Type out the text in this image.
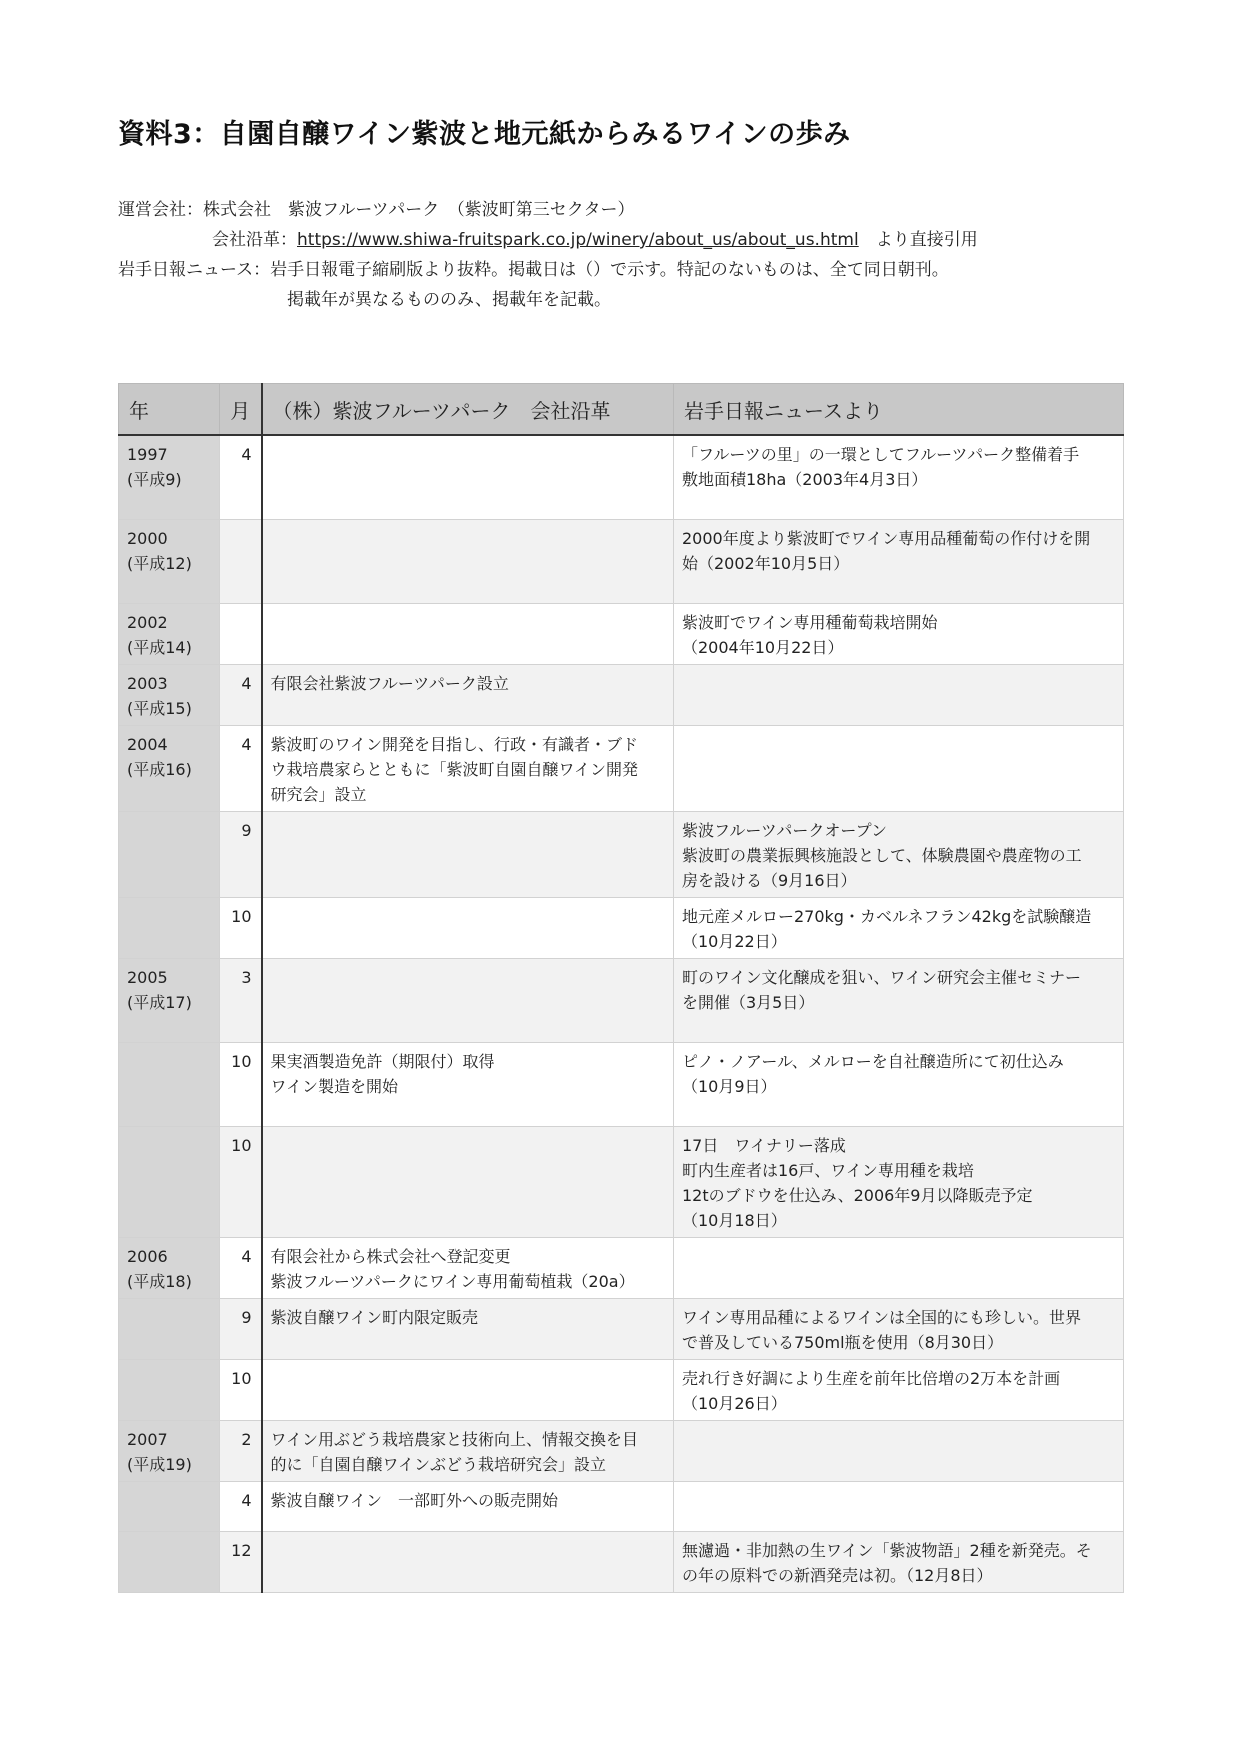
資料3：自園自醸ワイン紫波と地元紙からみるワインの歩み
運営会社：株式会社　紫波フルーツパーク　（紫波町第三セクター）
会社沿革：https://www.shiwa-fruitspark.co.jp/winery/about_us/about_us.html　より直接引用
岩手日報ニュース：岩手日報電子縮刷版より抜粋。掲載日は（）で示す。特記のないものは、全て同日朝刊。
掲載年が異なるもののみ、掲載年を記載。
年	月	（株）紫波フルーツパーク　会社沿革	岩手日報ニュースより

1997
(平成9)	4		「フルーツの里」の一環としてフルーツパーク整備着手
敷地面積18ha（2003年4月3日）

2000
(平成12)			2000年度より紫波町でワイン専用品種葡萄の作付けを開
始（2002年10月5日）

2002
(平成14)			紫波町でワイン専用種葡萄栽培開始
（2004年10月22日）

2003
(平成15)	4	有限会社紫波フルーツパーク設立	

2004
(平成16)	4	紫波町のワイン開発を目指し、行政・有識者・ブド
ウ栽培農家らとともに「紫波町自園自醸ワイン開発
研究会」設立	

	9		紫波フルーツパークオープン
紫波町の農業振興核施設として、体験農園や農産物の工
房を設ける（9月16日）

	10		地元産メルロー270kg・カベルネフラン42kgを試験醸造
（10月22日）

2005
(平成17)	3		町のワイン文化醸成を狙い、ワイン研究会主催セミナー
を開催（3月5日）

	10	果実酒製造免許（期限付）取得
ワイン製造を開始	ピノ・ノアール、メルローを自社醸造所にて初仕込み
（10月9日）

	10		17日　ワイナリー落成
町内生産者は16戸、ワイン専用種を栽培
12tのブドウを仕込み、2006年9月以降販売予定
（10月18日）

2006
(平成18)	4	有限会社から株式会社へ登記変更
紫波フルーツパークにワイン専用葡萄植栽（20a）	

	9	紫波自醸ワイン町内限定販売	ワイン専用品種によるワインは全国的にも珍しい。世界
で普及している750ml瓶を使用（8月30日）

	10		売れ行き好調により生産を前年比倍増の2万本を計画
（10月26日）

2007
(平成19)	2	ワイン用ぶどう栽培農家と技術向上、情報交換を目
的に「自園自醸ワインぶどう栽培研究会」設立	

	4	紫波自醸ワイン　一部町外への販売開始	

	12		無濾過・非加熱の生ワイン「紫波物語」2種を新発売。そ
の年の原料での新酒発売は初。（12月8日）
